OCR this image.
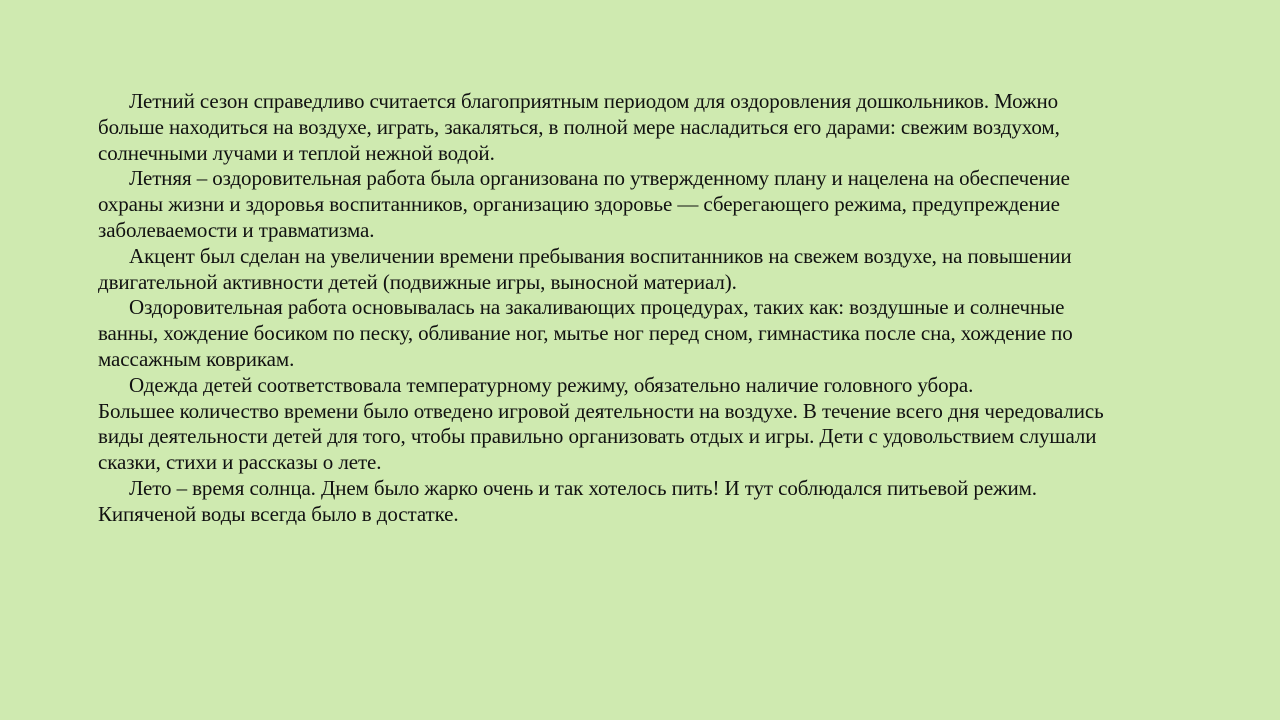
Летний сезон справедливо считается благоприятным периодом для оздоровления дошкольников. Можно больше находиться на воздухе, играть, закаляться, в полной мере насладиться его дарами: свежим воздухом, солнечными лучами и теплой нежной водой.

Летняя – оздоровительная работа была организована по утвержденному плану и нацелена на обеспечение охраны жизни и здоровья воспитанников, организацию здоровье — сберегающего режима, предупреждение заболеваемости и травматизма.

Акцент был сделан на увеличении времени пребывания воспитанников на свежем воздухе, на повышении двигательной активности детей (подвижные игры, выносной материал).

Оздоровительная работа основывалась на закаливающих процедурах, таких как: воздушные и солнечные ванны, хождение босиком по песку, обливание ног, мытье ног перед сном, гимнастика после сна, хождение по массажным коврикам.

Одежда детей соответствовала температурному режиму, обязательно наличие головного убора.

Большее количество времени было отведено игровой деятельности на воздухе. В течение всего дня чередовались виды деятельности детей для того, чтобы правильно организовать отдых и игры. Дети с удовольствием слушали сказки, стихи и рассказы о лете.

Лето – время солнца. Днем было жарко очень и так хотелось пить! И тут соблюдался питьевой режим. Кипяченой воды всегда было в достатке.
